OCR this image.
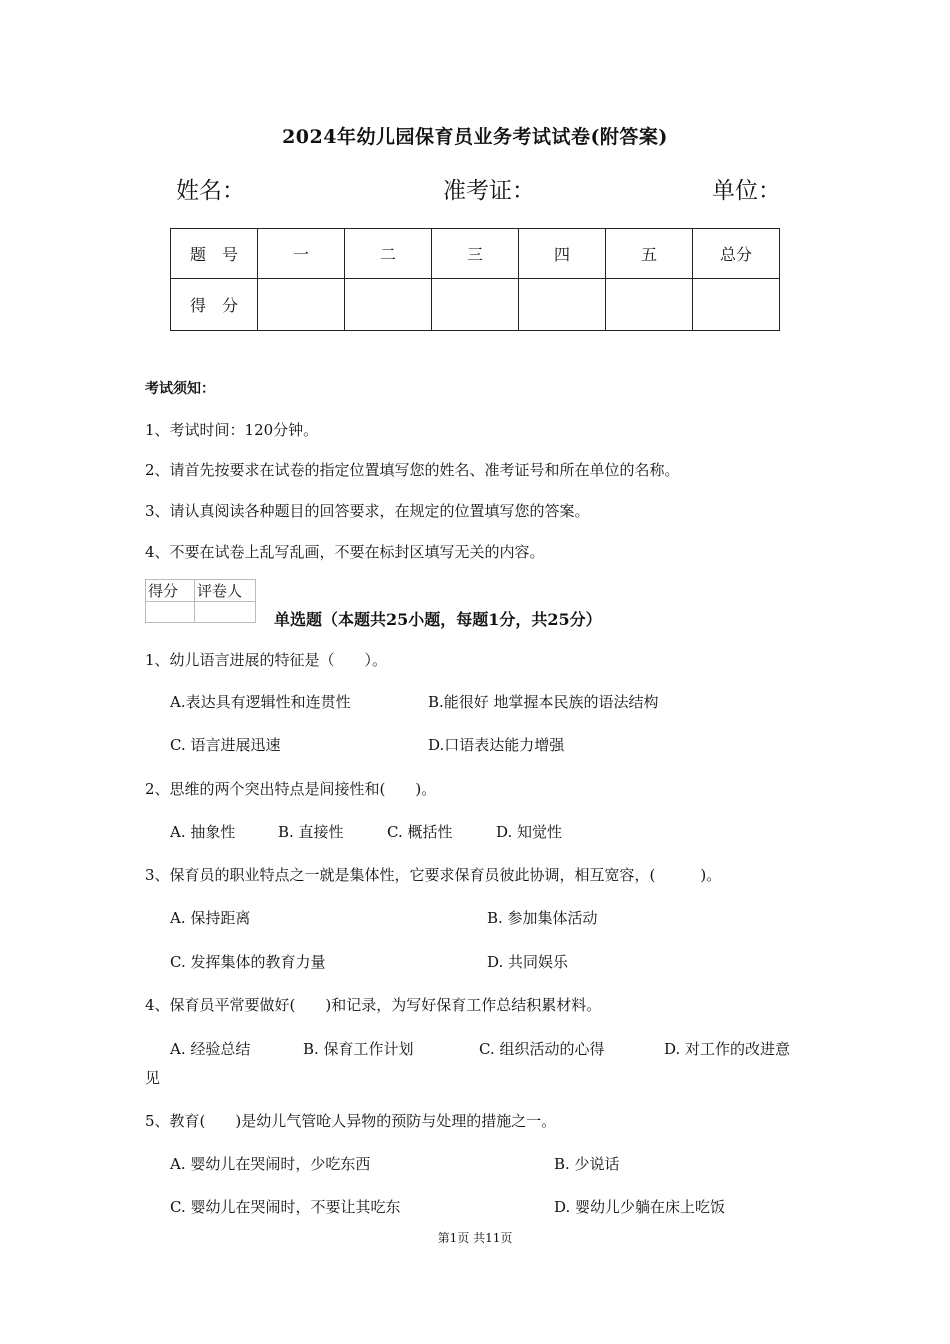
2024年幼儿园保育员业务考试试卷(附答案)
姓名：	准考证：	单位：
题　号	一	二	三	四	五	总分
得　分						
考试须知：
1、考试时间：120分钟。
2、请首先按要求在试卷的指定位置填写您的姓名、准考证号和所在单位的名称。
3、请认真阅读各种题目的回答要求，在规定的位置填写您的答案。
4、不要在试卷上乱写乱画，不要在标封区填写无关的内容。
得分	评卷人

单选题（本题共25小题，每题1分，共25分）
1、幼儿语言进展的特征是（　　）。
A.表达具有逻辑性和连贯性	B.能很好 地掌握本民族的语法结构
C. 语言进展迅速	D.口语表达能力增强
2、思维的两个突出特点是间接性和(　　)。
A. 抽象性	B. 直接性	C. 概括性	D. 知觉性
3、保育员的职业特点之一就是集体性，它要求保育员彼此协调，相互宽容，(　　　)。
A. 保持距离	B. 参加集体活动
C. 发挥集体的教育力量	D. 共同娱乐
4、保育员平常要做好(　　)和记录，为写好保育工作总结积累材料。
A. 经验总结	B. 保育工作计划	C. 组织活动的心得	D. 对工作的改进意
见
5、教育(　　)是幼儿气管呛人异物的预防与处理的措施之一。
A. 婴幼儿在哭闹时，少吃东西	B. 少说话
C. 婴幼儿在哭闹时，不要让其吃东	D. 婴幼儿少躺在床上吃饭
第1页 共11页
